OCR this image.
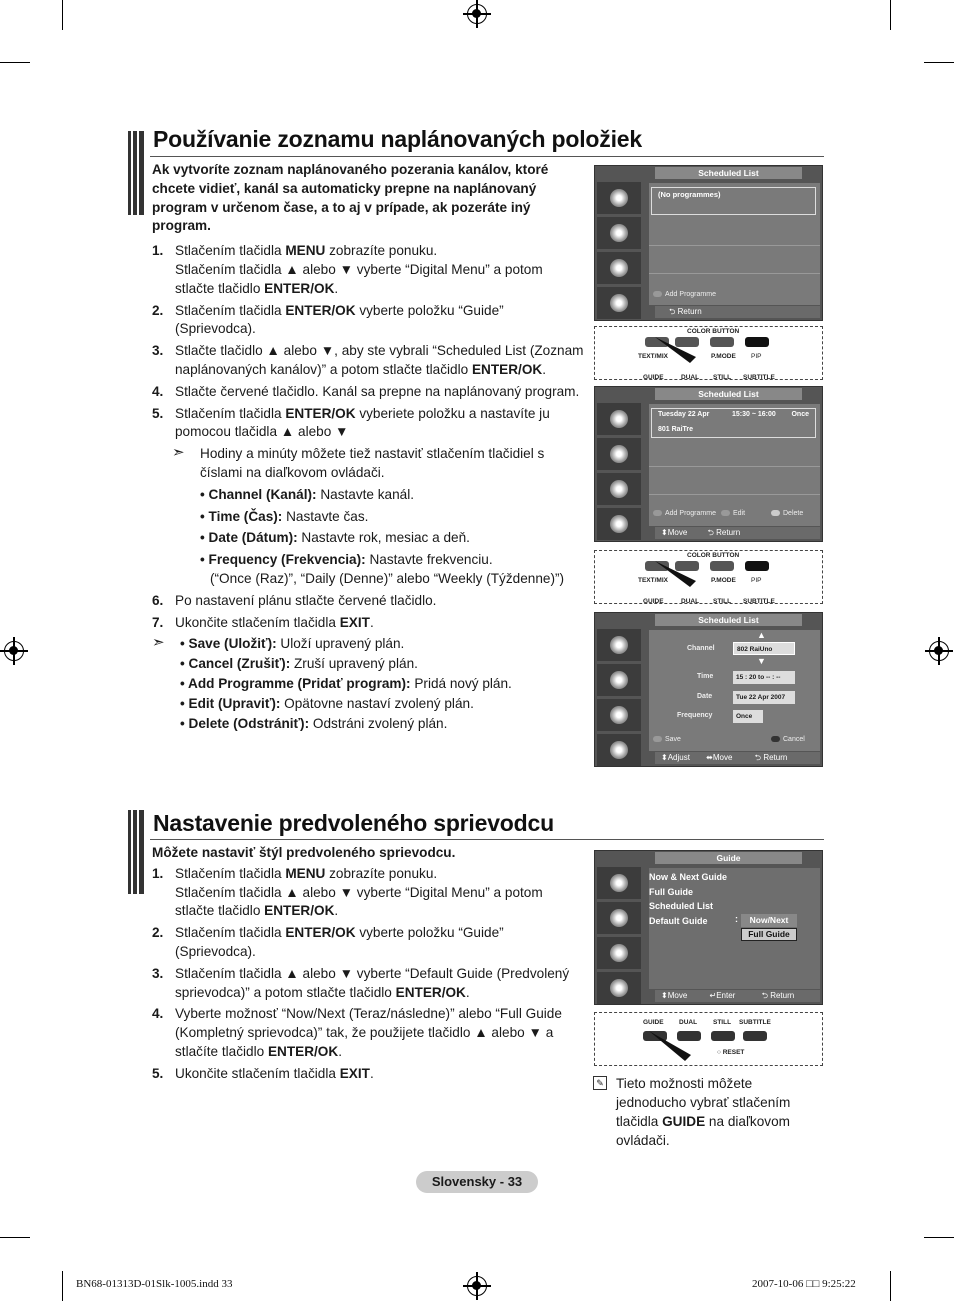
Používanie zoznamu naplánovaných položiek
Ak vytvoríte zoznam naplánovaného pozerania kanálov, ktoré chcete vidieť, kanál sa automaticky prepne na naplánovaný program v určenom čase, a to aj v prípade, ak pozeráte iný program.
1. Stlačením tlačidla MENU zobrazíte ponuku.
Stlačením tlačidla ▲ alebo ▼ vyberte “Digital Menu” a potom stlačte tlačidlo ENTER/OK.
2. Stlačením tlačidla ENTER/OK vyberte položku “Guide” (Sprievodca).
3. Stlačte tlačidlo ▲ alebo ▼, aby ste vybrali “Scheduled List (Zoznam naplánovaných kanálov)” a potom stlačte tlačidlo ENTER/OK.
4. Stlačte červené tlačidlo. Kanál sa prepne na naplánovaný program.
5. Stlačením tlačidla ENTER/OK vyberiete položku a nastavíte ju pomocou tlačidla ▲ alebo ▼
➣ Hodiny a minúty môžete tiež nastaviť stlačením tlačidiel s číslami na diaľkovom ovládači.
• Channel (Kanál): Nastavte kanál.
• Time (Čas): Nastavte čas.
• Date (Dátum): Nastavte rok, mesiac a deň.
• Frequency (Frekvencia): Nastavte frekvenciu.
(“Once (Raz)”, “Daily (Denne)” alebo “Weekly (Týždenne)”)
6. Po nastavení plánu stlačte červené tlačidlo.
7. Ukončite stlačením tlačidla EXIT.
➣	• Save (Uložiť): Uloží upravený plán.
• Cancel (Zrušiť): Zruší upravený plán.
• Add Programme (Pridať program): Pridá nový plán.
• Edit (Upraviť): Opätovne nastaví zvolený plán.
• Delete (Odstrániť): Odstráni zvolený plán.
Scheduled List
(No programmes)
Add Programme
⮌ Return
COLOR BUTTON
TEXT/MIX	P.MODE PIP
GUIDE	DUAL STILL SUBTITLE
Scheduled List
Tuesday 22 Apr	15:30 ~ 16:00 Once
801 RaiTre
Add Programme	Edit	Delete
⬍Move	⮌ Return
COLOR BUTTON
TEXT/MIX	P.MODE PIP
GUIDE	DUAL STILL SUBTITLE
Scheduled List
▲
Channel	802 RaiUno
▼
Time	15 : 20 to -- : --
Date	Tue 22 Apr 2007
Frequency	Once
Save	Cancel
⬍Adjust ⬌Move	⮌ Return
Nastavenie predvoleného sprievodcu
Môžete nastaviť štýl predvoleného sprievodcu.
1. Stlačením tlačidla MENU zobrazíte ponuku.
Stlačením tlačidla ▲ alebo ▼ vyberte “Digital Menu” a potom stlačte tlačidlo ENTER/OK.
2. Stlačením tlačidla ENTER/OK vyberte položku “Guide” (Sprievodca).
3. Stlačením tlačidla ▲ alebo ▼ vyberte “Default Guide (Predvolený sprievodca)” a potom stlačte tlačidlo ENTER/OK.
4. Vyberte možnosť “Now/Next (Teraz/následne)” alebo “Full Guide (Kompletný sprievodca)” tak, že použijete tlačidlo ▲ alebo ▼ a stlačíte tlačidlo ENTER/OK.
5. Ukončite stlačením tlačidla EXIT.
Guide
Now & Next Guide
Full Guide
Scheduled List
Default Guide	:	Now/Next
Full Guide
⬍Move	↵Enter	⮌ Return
GUIDE DUAL STILL SUBTITLE
○ RESET
✎ Tieto možnosti môžete jednoducho vybrať stlačením tlačidla GUIDE na diaľkovom ovládači.
Slovensky - 33
BN68-01313D-01Slk-1005.indd 33	2007-10-06 □□ 9:25:22
